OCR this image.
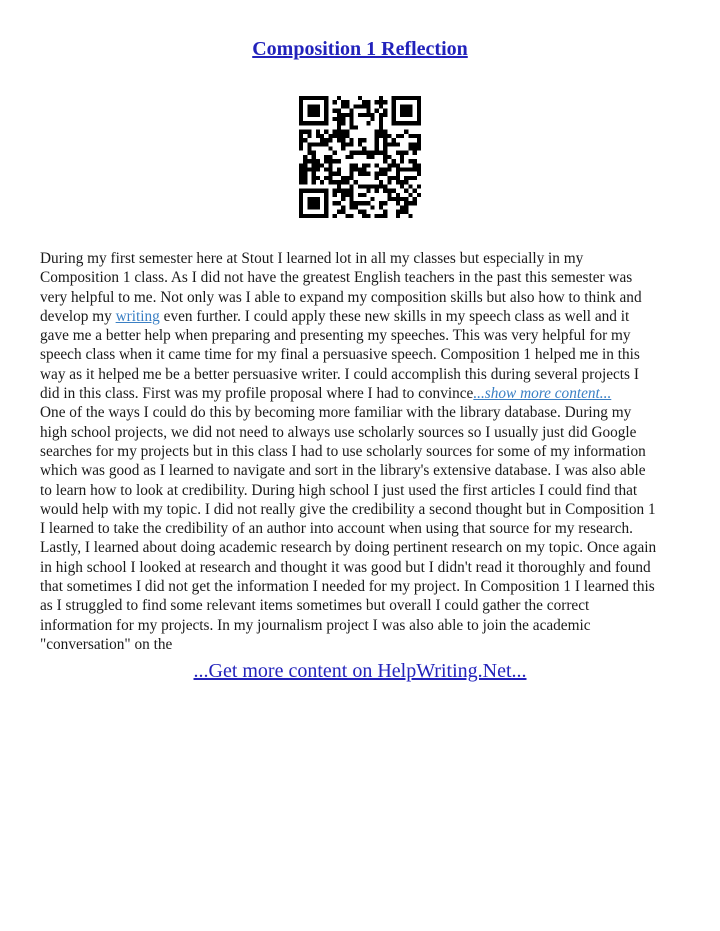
Composition 1 Reflection
During my first semester here at Stout I learned lot in all my classes but especially in my
Composition 1 class. As I did not have the greatest English teachers in the past this semester was
very helpful to me. Not only was I able to expand my composition skills but also how to think and
develop my writing even further. I could apply these new skills in my speech class as well and it
gave me a better help when preparing and presenting my speeches. This was very helpful for my
speech class when it came time for my final a persuasive speech. Composition 1 helped me in this
way as it helped me be a better persuasive writer. I could accomplish this during several projects I
did in this class. First was my profile proposal where I had to convince...show more content...
One of the ways I could do this by becoming more familiar with the library database. During my
high school projects, we did not need to always use scholarly sources so I usually just did Google
searches for my projects but in this class I had to use scholarly sources for some of my information
which was good as I learned to navigate and sort in the library's extensive database. I was also able
to learn how to look at credibility. During high school I just used the first articles I could find that
would help with my topic. I did not really give the credibility a second thought but in Composition 1
I learned to take the credibility of an author into account when using that source for my research.
Lastly, I learned about doing academic research by doing pertinent research on my topic. Once again
in high school I looked at research and thought it was good but I didn't read it thoroughly and found
that sometimes I did not get the information I needed for my project. In Composition 1 I learned this
as I struggled to find some relevant items sometimes but overall I could gather the correct
information for my projects. In my journalism project I was also able to join the academic
"conversation" on the
...Get more content on HelpWriting.Net...
